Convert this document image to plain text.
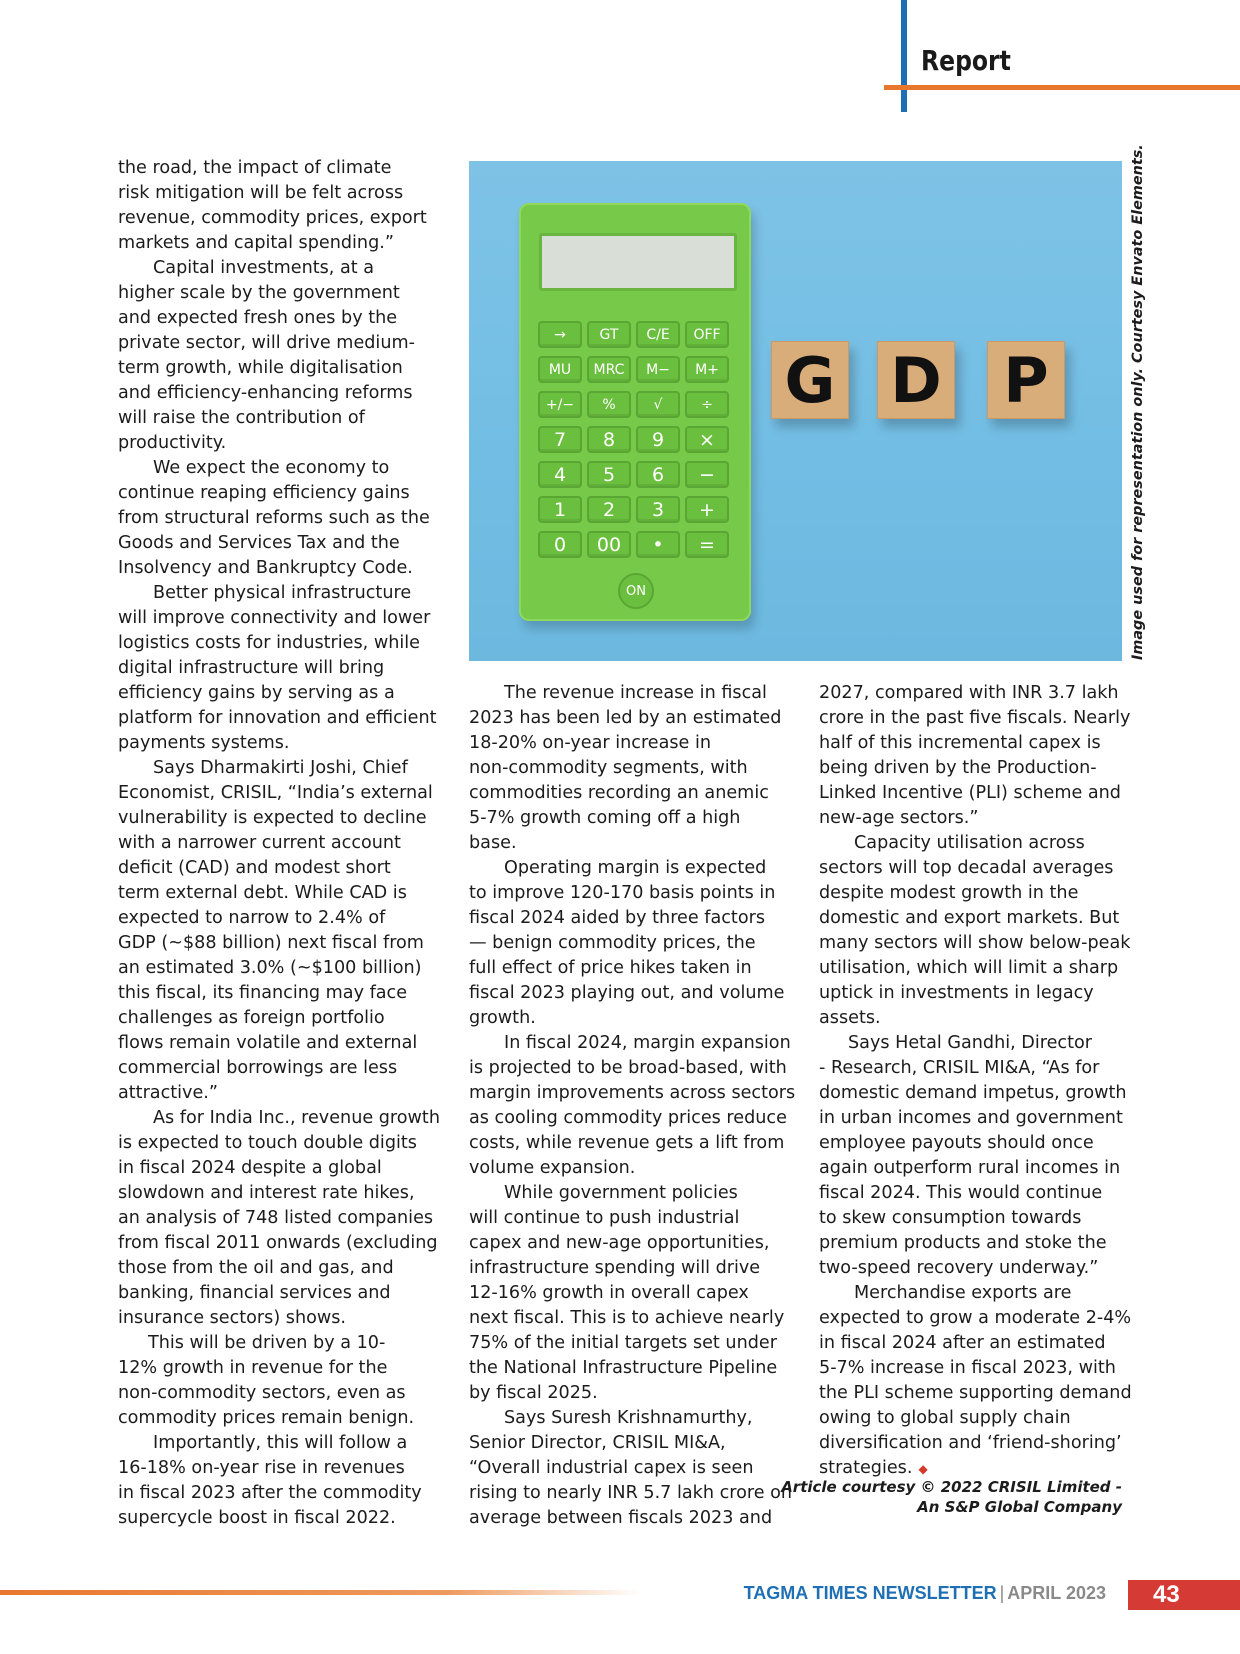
Report

the road, the impact of climate

risk mitigation will be felt across

revenue, commodity prices, export

markets and capital spending.”

Capital investments, at a

higher scale by the government

and expected fresh ones by the

private sector, will drive medium-

term growth, while digitalisation

and efficiency-enhancing reforms

will raise the contribution of

productivity.

We expect the economy to

continue reaping efficiency gains

from structural reforms such as the

Goods and Services Tax and the

Insolvency and Bankruptcy Code.

Better physical infrastructure

will improve connectivity and lower

logistics costs for industries, while

digital infrastructure will bring

efficiency gains by serving as a

platform for innovation and efficient

payments systems.

Says Dharmakirti Joshi, Chief

Economist, CRISIL, “India’s external

vulnerability is expected to decline

with a narrower current account

deficit (CAD) and modest short

term external debt. While CAD is

expected to narrow to 2.4% of

GDP (~$88 billion) next fiscal from

an estimated 3.0% (~$100 billion)

this fiscal, its financing may face

challenges as foreign portfolio

flows remain volatile and external

commercial borrowings are less

attractive.”

As for India Inc., revenue growth

is expected to touch double digits

in fiscal 2024 despite a global

slowdown and interest rate hikes,

an analysis of 748 listed companies

from fiscal 2011 onwards (excluding

those from the oil and gas, and

banking, financial services and

insurance sectors) shows.

This will be driven by a 10-

12% growth in revenue for the

non-commodity sectors, even as

commodity prices remain benign.

Importantly, this will follow a

16-18% on-year rise in revenues

in fiscal 2023 after the commodity

supercycle boost in fiscal 2022.

→	GT	C/E	OFF
MU	MRC	M−	M+
+/−	%	√	÷
7	8	9	×
4	5	6	−
1	2	3	+
0	00	•	=
ON
G D P	Image used for representation only. Courtesy Envato Elements.

The revenue increase in fiscal

2023 has been led by an estimated

18-20% on-year increase in

non-commodity segments, with

commodities recording an anemic

5-7% growth coming off a high

base.

Operating margin is expected

to improve 120-170 basis points in

fiscal 2024 aided by three factors

— benign commodity prices, the

full effect of price hikes taken in

fiscal 2023 playing out, and volume

growth.

In fiscal 2024, margin expansion

is projected to be broad-based, with

margin improvements across sectors

as cooling commodity prices reduce

costs, while revenue gets a lift from

volume expansion.

While government policies

will continue to push industrial

capex and new-age opportunities,

infrastructure spending will drive

12-16% growth in overall capex

next fiscal. This is to achieve nearly

75% of the initial targets set under

the National Infrastructure Pipeline

by fiscal 2025.

Says Suresh Krishnamurthy,

Senior Director, CRISIL MI&A,

“Overall industrial capex is seen

rising to nearly INR 5.7 lakh crore on

average between fiscals 2023 and

2027, compared with INR 3.7 lakh

crore in the past five fiscals. Nearly

half of this incremental capex is

being driven by the Production-

Linked Incentive (PLI) scheme and

new-age sectors.”

Capacity utilisation across

sectors will top decadal averages

despite modest growth in the

domestic and export markets. But

many sectors will show below-peak

utilisation, which will limit a sharp

uptick in investments in legacy

assets.

Says Hetal Gandhi, Director

- Research, CRISIL MI&A, “As for

domestic demand impetus, growth

in urban incomes and government

employee payouts should once

again outperform rural incomes in

fiscal 2024. This would continue

to skew consumption towards

premium products and stoke the

two-speed recovery underway.”

Merchandise exports are

expected to grow a moderate 2-4%

in fiscal 2024 after an estimated

5-7% increase in fiscal 2023, with

the PLI scheme supporting demand

owing to global supply chain

diversification and ‘friend-shoring’

strategies. ◆

Article courtesy © 2022 CRISIL Limited -
An S&P Global Company
TAGMA TIMES NEWSLETTER | APRIL 2023	43
